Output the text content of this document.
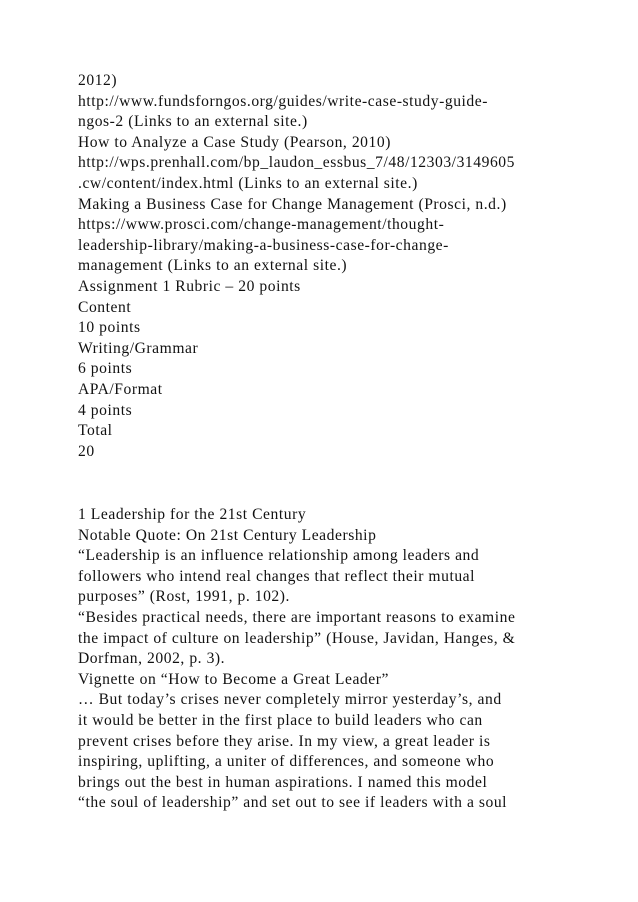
2012)
http://www.fundsforngos.org/guides/write-case-study-guide-
ngos-2 (Links to an external site.)
How to Analyze a Case Study (Pearson, 2010)
http://wps.prenhall.com/bp_laudon_essbus_7/48/12303/3149605
.cw/content/index.html (Links to an external site.)
Making a Business Case for Change Management (Prosci, n.d.)
https://www.prosci.com/change-management/thought-
leadership-library/making-a-business-case-for-change-
management (Links to an external site.)
Assignment 1 Rubric – 20 points
Content
10 points
Writing/Grammar
6 points
APA/Format
4 points
Total
20
1 Leadership for the 21st Century
Notable Quote: On 21st Century Leadership
“Leadership is an influence relationship among leaders and
followers who intend real changes that reflect their mutual
purposes” (Rost, 1991, p. 102).
“Besides practical needs, there are important reasons to examine
the impact of culture on leadership” (House, Javidan, Hanges, &
Dorfman, 2002, p. 3).
Vignette on “How to Become a Great Leader”
… But today’s crises never completely mirror yesterday’s, and
it would be better in the first place to build leaders who can
prevent crises before they arise. In my view, a great leader is
inspiring, uplifting, a uniter of differences, and someone who
brings out the best in human aspirations. I named this model
“the soul of leadership” and set out to see if leaders with a soul
